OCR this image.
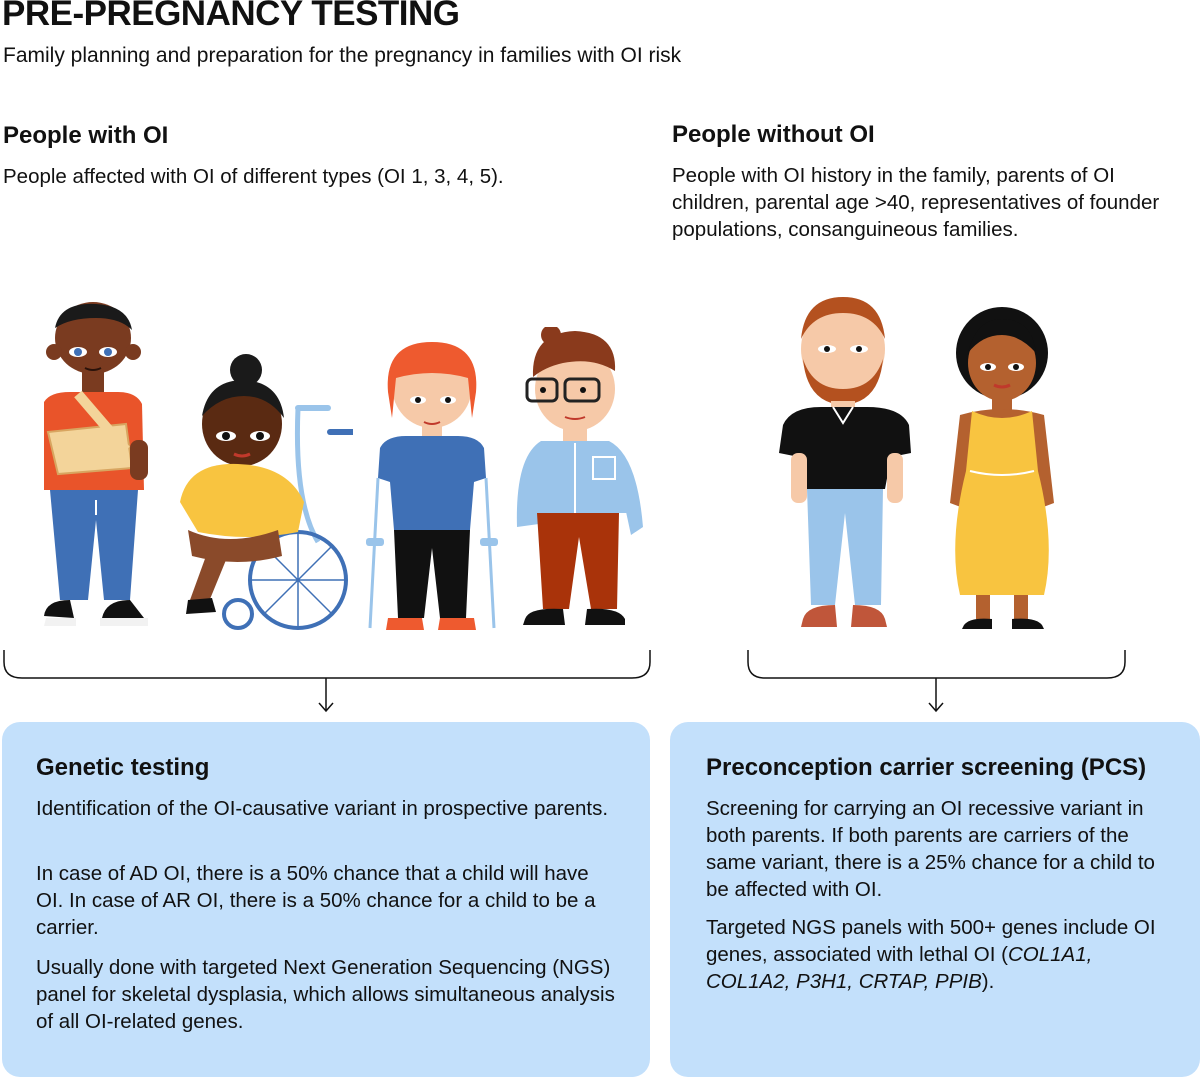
PRE-PREGNANCY TESTING

Family planning and preparation for the pregnancy in families with OI risk

People with OI

People affected with OI of different types (OI 1, 3, 4, 5).

People without OI

People with OI history in the family, parents of OI children, parental age >40, representatives of founder populations, consanguineous families.

Genetic testing

Identification of the OI-causative variant in prospective parents.

In case of AD OI, there is a 50% chance that a child will have OI. In case of AR OI, there is a 50% chance for a child to be a carrier.

Usually done with targeted Next Generation Sequencing (NGS) panel for skeletal dysplasia, which allows simultaneous analysis of all OI-related genes.

Preconception carrier screening (PCS)

Screening for carrying an OI recessive variant in both parents. If both parents are carriers of the same variant, there is a 25% chance for a child to be affected with OI.

Targeted NGS panels with 500+ genes include OI genes, associated with lethal OI (COL1A1, COL1A2, P3H1, CRTAP, PPIB).
